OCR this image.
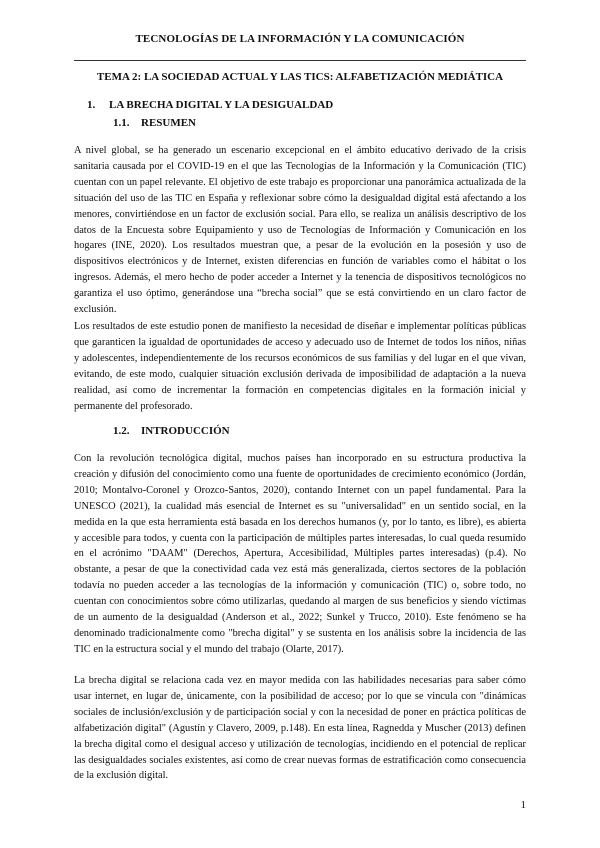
TECNOLOGÍAS DE LA INFORMACIÓN Y LA COMUNICACIÓN
TEMA 2: LA SOCIEDAD ACTUAL Y LAS TICS: ALFABETIZACIÓN MEDIÁTICA
1. LA BRECHA DIGITAL Y LA DESIGUALDAD
1.1. RESUMEN

A nivel global, se ha generado un escenario excepcional en el ámbito educativo derivado de la crisis sanitaria causada por el COVID-19 en el que las Tecnologías de la Información y la Comunicación (TIC) cuentan con un papel relevante. El objetivo de este trabajo es proporcionar una panorámica actualizada de la situación del uso de las TIC en España y reflexionar sobre cómo la desigualdad digital está afectando a los menores, convirtiéndose en un factor de exclusión social. Para ello, se realiza un análisis descriptivo de los datos de la Encuesta sobre Equipamiento y uso de Tecnologías de Información y Comunicación en los hogares (INE, 2020). Los resultados muestran que, a pesar de la evolución en la posesión y uso de dispositivos electrónicos y de Internet, existen diferencias en función de variables como el hábitat o los ingresos. Además, el mero hecho de poder acceder a Internet y la tenencia de dispositivos tecnológicos no garantiza el uso óptimo, generándose una “brecha social” que se está convirtiendo en un claro factor de exclusión.

Los resultados de este estudio ponen de manifiesto la necesidad de diseñar e implementar políticas públicas que garanticen la igualdad de oportunidades de acceso y adecuado uso de Internet de todos los niños, niñas y adolescentes, independientemente de los recursos económicos de sus familias y del lugar en el que vivan, evitando, de este modo, cualquier situación exclusión derivada de imposibilidad de adaptación a la nueva realidad, así como de incrementar la formación en competencias digitales en la formación inicial y permanente del profesorado.

1.2. INTRODUCCIÓN

Con la revolución tecnológica digital, muchos países han incorporado en su estructura productiva la creación y difusión del conocimiento como una fuente de oportunidades de crecimiento económico (Jordán, 2010; Montalvo-Coronel y Orozco-Santos, 2020), contando Internet con un papel fundamental. Para la UNESCO (2021), la cualidad más esencial de Internet es su "universalidad" en un sentido social, en la medida en la que esta herramienta está basada en los derechos humanos (y, por lo tanto, es libre), es abierta y accesible para todos, y cuenta con la participación de múltiples partes interesadas, lo cual queda resumido en el acrónimo "DAAM" (Derechos, Apertura, Accesibilidad, Múltiples partes interesadas) (p.4). No obstante, a pesar de que la conectividad cada vez está más generalizada, ciertos sectores de la población todavía no pueden acceder a las tecnologías de la información y comunicación (TIC) o, sobre todo, no cuentan con conocimientos sobre cómo utilizarlas, quedando al margen de sus beneficios y siendo víctimas de un aumento de la desigualdad (Anderson et al., 2022; Sunkel y Trucco, 2010). Este fenómeno se ha denominado tradicionalmente como "brecha digital" y se sustenta en los análisis sobre la incidencia de las TIC en la estructura social y el mundo del trabajo (Olarte, 2017).

La brecha digital se relaciona cada vez en mayor medida con las habilidades necesarias para saber cómo usar internet, en lugar de, únicamente, con la posibilidad de acceso; por lo que se vincula con "dinámicas sociales de inclusión/exclusión y de participación social y con la necesidad de poner en práctica políticas de alfabetización digital" (Agustín y Clavero, 2009, p.148). En esta línea, Ragnedda y Muscher (2013) definen la brecha digital como el desigual acceso y utilización de tecnologías, incidiendo en el potencial de replicar las desigualdades sociales existentes, así como de crear nuevas formas de estratificación como consecuencia de la exclusión digital.

1
